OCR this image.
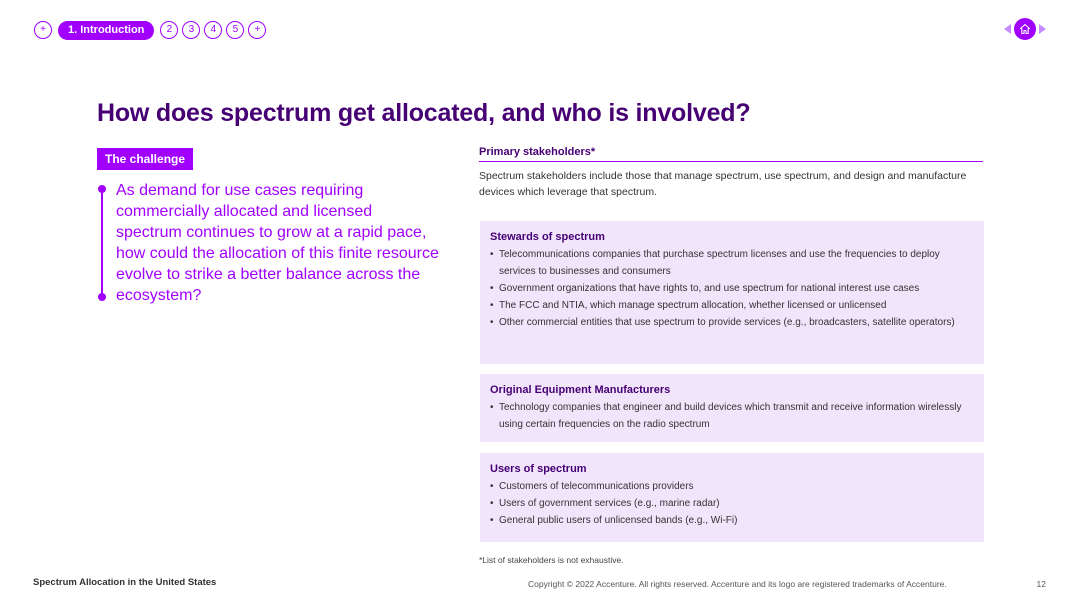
+	1. Introduction	2	3	4	5	+
How does spectrum get allocated, and who is involved?
The challenge

As demand for use cases requiring commercially allocated and licensed spectrum continues to grow at a rapid pace, how could the allocation of this finite resource evolve to strike a better balance across the ecosystem?

Primary stakeholders*

Spectrum stakeholders include those that manage spectrum, use spectrum, and design and manufacture devices which leverage that spectrum.

Stewards of spectrum
• Telecommunications companies that purchase spectrum licenses and use the frequencies to deploy services to businesses and consumers
• Government organizations that have rights to, and use spectrum for national interest use cases
• The FCC and NTIA, which manage spectrum allocation, whether licensed or unlicensed
• Other commercial entities that use spectrum to provide services (e.g., broadcasters, satellite operators)
Original Equipment Manufacturers
• Technology companies that engineer and build devices which transmit and receive information wirelessly using certain frequencies on the radio spectrum
Users of spectrum
• Customers of telecommunications providers
• Users of government services (e.g., marine radar)
• General public users of unlicensed bands (e.g., Wi-Fi)
*List of stakeholders is not exhaustive.
Spectrum Allocation in the United States	Copyright © 2022 Accenture. All rights reserved. Accenture and its logo are registered trademarks of Accenture.	12
